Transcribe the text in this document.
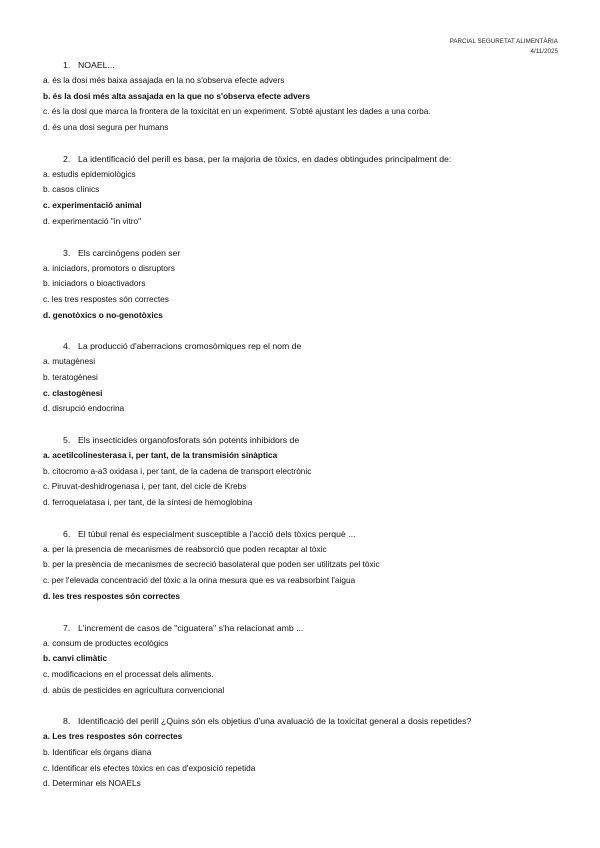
PARCIAL SEGURETAT ALIMENTÀRIA
4/11/2025
1. NOAEL...
a. és la dosi més baixa assajada en la no s'observa efecte advers
b. és la dosi més alta assajada en la que no s'observa efecte advers
c. és la dosi que marca la frontera de la toxicitat en un experiment. S'obté ajustant les dades a una corba.
d. és una dosi segura per humans
2. La identificació del perill es basa, per la majoria de tòxics, en dades obtingudes principalment de:
a. estudis epidemiològics
b. casos clínics
c. experimentació animal
d. experimentació "in vitro"
3. Els carcinògens poden ser
a. iniciadors, promotors o disruptors
b. iniciadors o bioactivadors
c. les tres respostes són correctes
d. genotòxics o no-genotòxics
4. La producció d'aberracions cromosòmiques rep el nom de
a. mutagènesi
b. teratogènesi
c. clastogènesi
d. disrupció endocrina
5. Els insecticides organofosforats són potents inhibidors de
a. acetilcolinesterasa i, per tant, de la transmisión sinàptica
b. citocromo a-a3 oxidasa i, per tant, de la cadena de transport electrònic
c. Piruvat-deshidrogenasa i, per tant, del cicle de Krebs
d. ferroquelatasa i, per tant, de la síntesi de hemoglobina
6. El túbul renal és especialment susceptible a l'acció dels tòxics perquè ...
a. per la presencia de mecanismes de reabsorció que poden recaptar al tòxic
b. per la presència de mecanismes de secreció basolateral que poden ser utilitzats pel tòxic
c. per l'elevada concentració del tòxic a la orina mesura que es va reabsorbint l'aigua
d. les tres respostes són correctes
7. L'increment de casos de "ciguatera" s'ha relacionat amb ...
a. consum de productes ecològics
b. canvi climàtic
c. modificacions en el processat dels aliments.
d. abús de pesticides en agricultura convencional
8. Identificació del perill ¿Quins són els objetius d'una avaluació de la toxicitat general a dosis repetides?
a. Les tres respostes són correctes
b. Identificar els òrgans diana
c. Identificar els efectes tòxics en cas d'exposició repetida
d. Determinar els NOAELs
